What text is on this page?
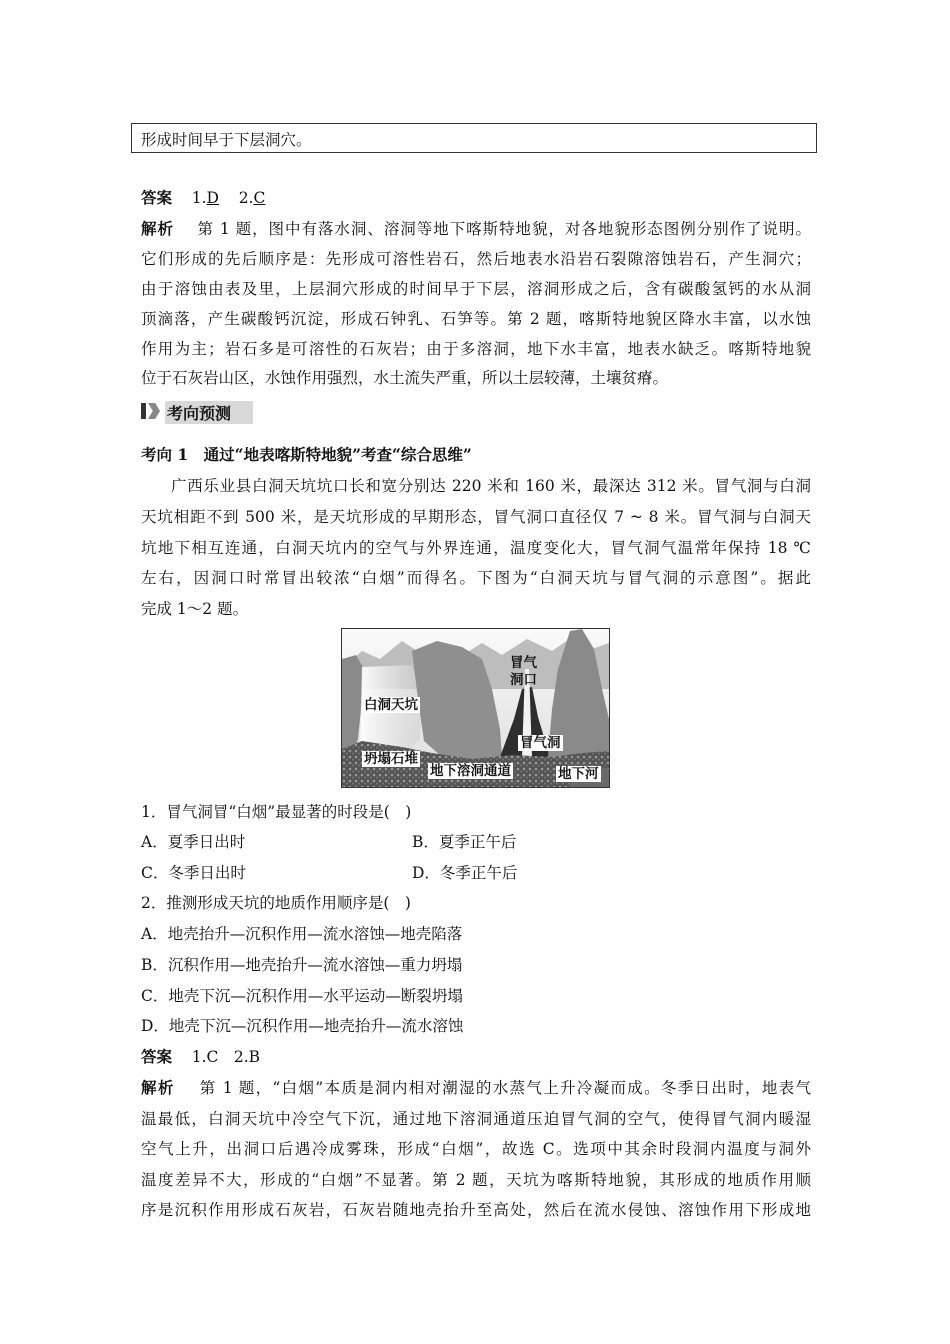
形成时间早于下层洞穴。
答案 1.D 2.C
解析 第 1 题，图中有落水洞、溶洞等地下喀斯特地貌，对各地貌形态图例分别作了说明。
它们形成的先后顺序是：先形成可溶性岩石，然后地表水沿岩石裂隙溶蚀岩石，产生洞穴；
由于溶蚀由表及里，上层洞穴形成的时间早于下层，溶洞形成之后，含有碳酸氢钙的水从洞
顶滴落，产生碳酸钙沉淀，形成石钟乳、石笋等。第 2 题，喀斯特地貌区降水丰富，以水蚀
作用为主；岩石多是可溶性的石灰岩；由于多溶洞，地下水丰富，地表水缺乏。喀斯特地貌
位于石灰岩山区，水蚀作用强烈，水土流失严重，所以土层较薄，土壤贫瘠。
考向预测
考向 1　通过“地表喀斯特地貌”考查“综合思维”
广西乐业县白洞天坑坑口长和宽分别达 220 米和 160 米，最深达 312 米。冒气洞与白洞
天坑相距不到 500 米，是天坑形成的早期形态，冒气洞口直径仅 7 ~ 8 米。冒气洞与白洞天
坑地下相互连通，白洞天坑内的空气与外界连通，温度变化大，冒气洞气温常年保持 18 ℃
左右，因洞口时常冒出较浓“白烟”而得名。下图为“白洞天坑与冒气洞的示意图”。据此
完成 1～2 题。
冒气
洞口
白洞天坑
冒气洞
坍塌石堆
地下溶洞通道	地下河
1．冒气洞冒“白烟”最显著的时段是(　)
A．夏季日出时	B．夏季正午后
C．冬季日出时	D．冬季正午后
2．推测形成天坑的地质作用顺序是(　)
A．地壳抬升—沉积作用—流水溶蚀—地壳陷落
B．沉积作用—地壳抬升—流水溶蚀—重力坍塌
C．地壳下沉—沉积作用—水平运动—断裂坍塌
D．地壳下沉—沉积作用—地壳抬升—流水溶蚀
答案 1.C　2.B
解析 第 1 题，“白烟”本质是洞内相对潮湿的水蒸气上升冷凝而成。冬季日出时，地表气
温最低，白洞天坑中冷空气下沉，通过地下溶洞通道压迫冒气洞的空气，使得冒气洞内暖湿
空气上升，出洞口后遇冷成雾珠，形成“白烟”，故选 C。选项中其余时段洞内温度与洞外
温度差异不大，形成的“白烟”不显著。第 2 题，天坑为喀斯特地貌，其形成的地质作用顺
序是沉积作用形成石灰岩，石灰岩随地壳抬升至高处，然后在流水侵蚀、溶蚀作用下形成地
